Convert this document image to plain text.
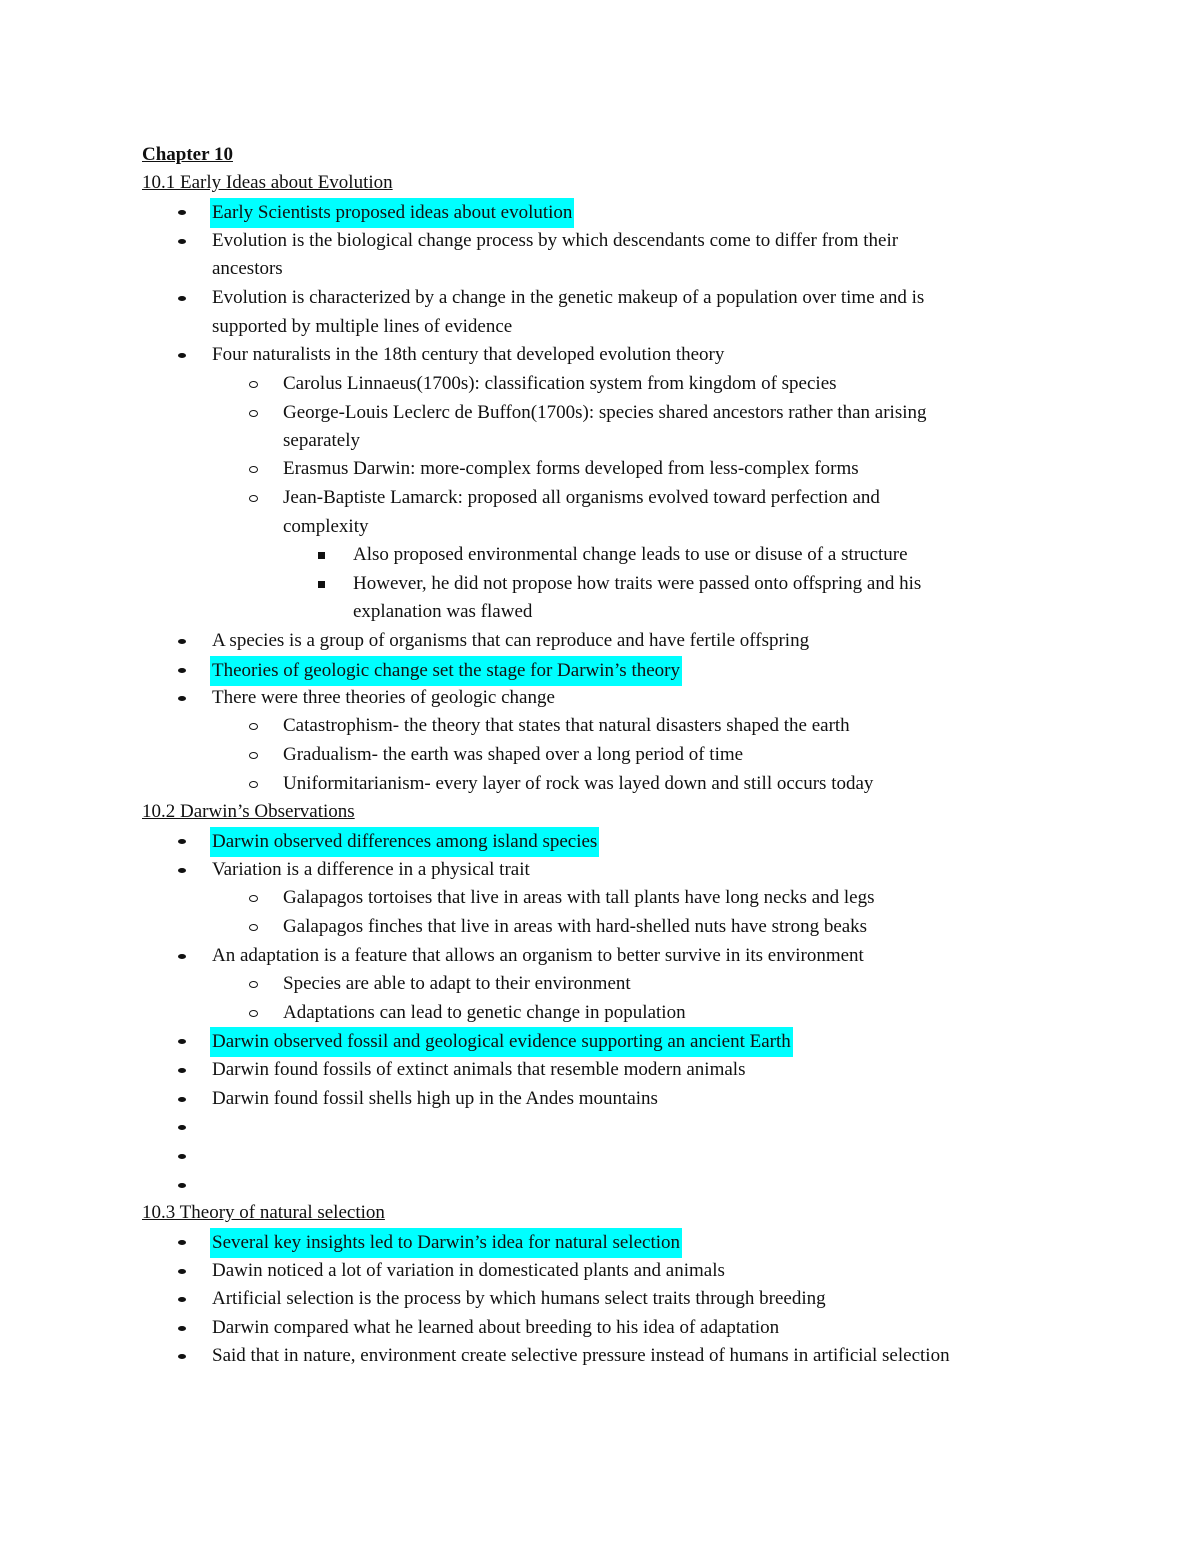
Chapter 10
10.1 Early Ideas about Evolution
Early Scientists proposed ideas about evolution
Evolution is the biological change process by which descendants come to differ from their
ancestors
Evolution is characterized by a change in the genetic makeup of a population over time and is
supported by multiple lines of evidence
Four naturalists in the 18th century that developed evolution theory
Carolus Linnaeus(1700s): classification system from kingdom of species
George-Louis Leclerc de Buffon(1700s): species shared ancestors rather than arising
separately
Erasmus Darwin: more-complex forms developed from less-complex forms
Jean-Baptiste Lamarck: proposed all organisms evolved toward perfection and
complexity
Also proposed environmental change leads to use or disuse of a structure
However, he did not propose how traits were passed onto offspring and his
explanation was flawed
A species is a group of organisms that can reproduce and have fertile offspring
Theories of geologic change set the stage for Darwin’s theory
There were three theories of geologic change
Catastrophism- the theory that states that natural disasters shaped the earth
Gradualism- the earth was shaped over a long period of time
Uniformitarianism- every layer of rock was layed down and still occurs today
10.2 Darwin’s Observations
Darwin observed differences among island species
Variation is a difference in a physical trait
Galapagos tortoises that live in areas with tall plants have long necks and legs
Galapagos finches that live in areas with hard-shelled nuts have strong beaks
An adaptation is a feature that allows an organism to better survive in its environment
Species are able to adapt to their environment
Adaptations can lead to genetic change in population
Darwin observed fossil and geological evidence supporting an ancient Earth
Darwin found fossils of extinct animals that resemble modern animals
Darwin found fossil shells high up in the Andes mountains
10.3 Theory of natural selection
Several key insights led to Darwin’s idea for natural selection
Dawin noticed a lot of variation in domesticated plants and animals
Artificial selection is the process by which humans select traits through breeding
Darwin compared what he learned about breeding to his idea of adaptation
Said that in nature, environment create selective pressure instead of humans in artificial selection
